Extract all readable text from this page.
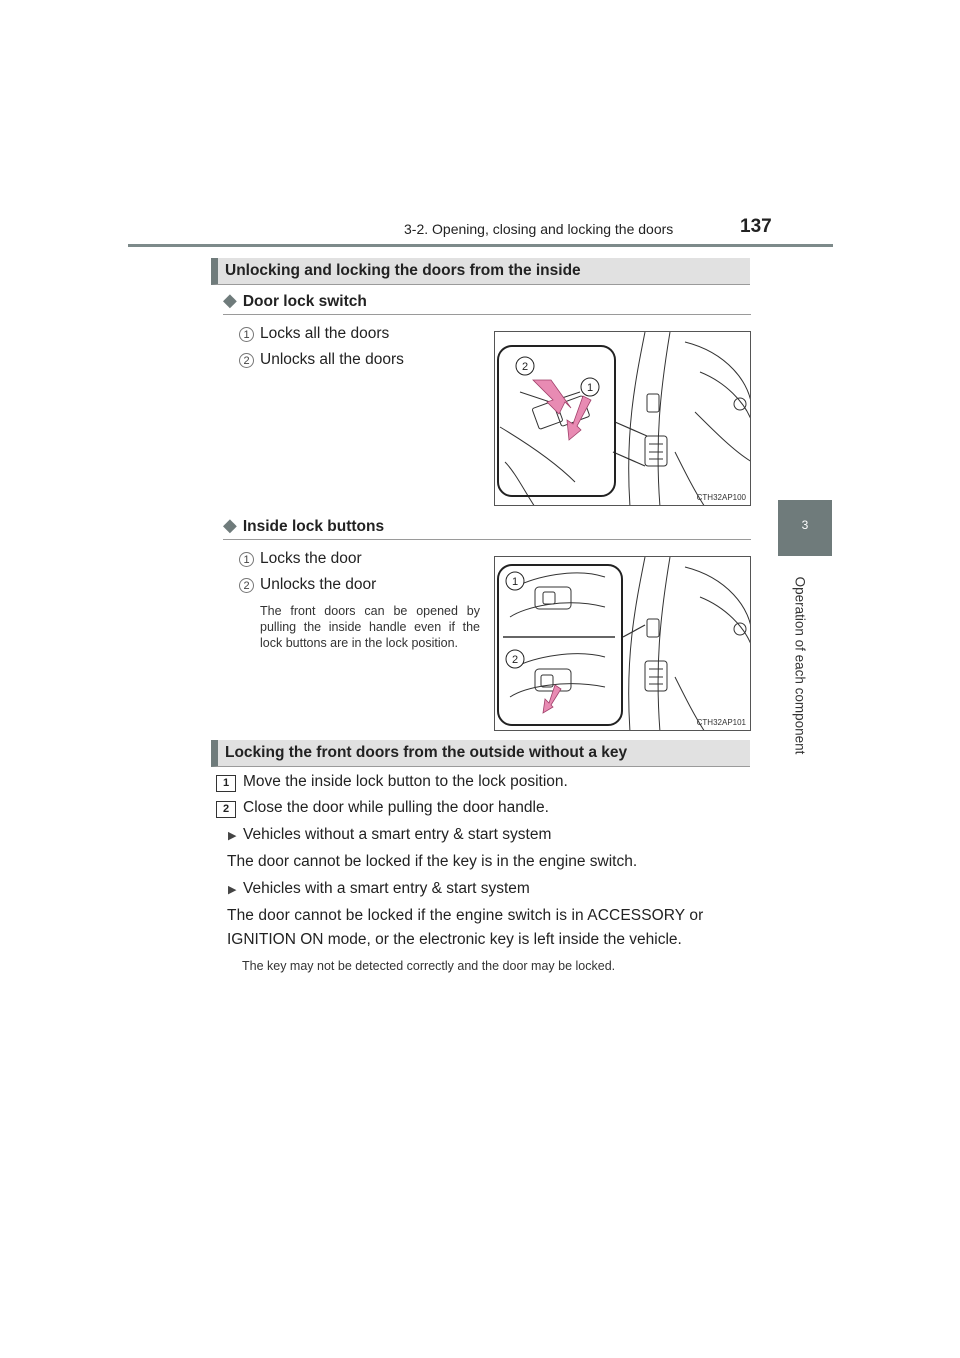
3-2. Opening, closing and locking the doors	137
3
Operation of each component
Unlocking and locking the doors from the inside
◆ Door lock switch
1 Locks all the doors
2 Unlocks all the doors	2
1
CTH32AP100
◆ Inside lock buttons
1 Locks the door
2 Unlocks the door
The front doors can be opened by pulling the inside handle even if the lock buttons are in the lock position.
1
2
CTH32AP101
Locking the front doors from the outside without a key
1 Move the inside lock button to the lock position.
2 Close the door while pulling the door handle.
▶ Vehicles without a smart entry & start system
The door cannot be locked if the key is in the engine switch.
▶ Vehicles with a smart entry & start system
The door cannot be locked if the engine switch is in ACCESSORY or
IGNITION ON mode, or the electronic key is left inside the vehicle.
The key may not be detected correctly and the door may be locked.
